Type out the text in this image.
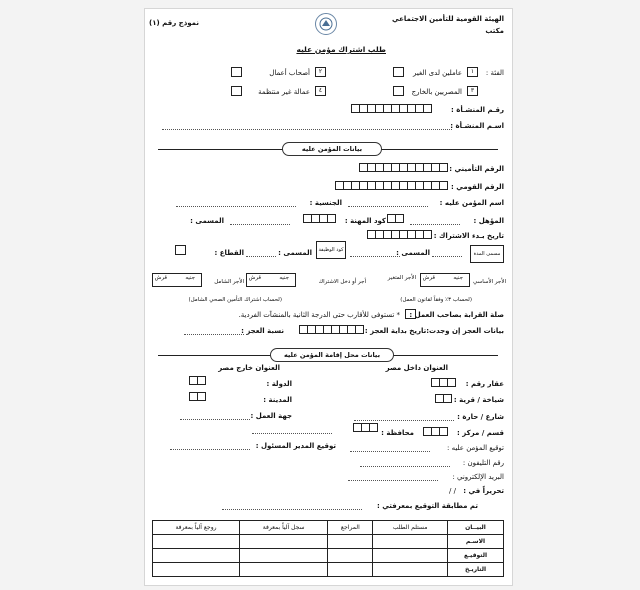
الهيئة القومية للتأمين الاجتماعي
مكتب
نموذج رقم (١)
طلب اشتراك مؤمن عليه
الفئة :
١
عاملين لدى الغير
٢
أصحاب أعمال
٣
المصريين بالخارج
٤
عمالة غير منتظمة
رقـم المنشـأة :
اسـم المنشـأة :
بيانات المؤمن عليه
الرقم التأميني :
الرقم القومي :
اسم المؤمن عليه :
الجنسية :
المؤهل :
كود المهنة :
المسمى :
تاريخ بـدء الاشتراك :
مسمى المدة
المسمى :
كود الوظيفة
المسمى :
القطاع :
الأجر الأساسي
جنيه
قرش
الأجر المتغير
أجر أو دخل الاشتراك
جنيه
قرش
الأجر الشامل
جنيه
قرش
(لحساب ٣٪ وفقاً لقانون العمل)
(لحساب اشتراك التأمين الصحي الشامل)
صلة القرابة بصاحب العمل :
* تستوفى للأقارب حتى الدرجة الثانية بالمنشآت الفردية.
بيانات العجز إن وجدت:تاريخ بداية العجز :
نسبة العجز :
بيانات محل إقامة المؤمن عليه
العنوان داخل مصر
العنوان خارج مصر
عقار رقم :
الدولة :
شياخة / قرية :
المدينة :
شارع / حارة :
جهة العمل :
قسم / مركز :
محافظة :
توقيع المؤمن عليه :
توقيع المدير المسئول :
رقم التليفون :
البريد الإلكتروني :
تحريراً في :
/ /
تم مطابقة التوقيع بمعرفتي :
البيــان	مستلم الطلب	المراجع	سجل آلياً بمعرفة	روجع آلياً بمعرفة
الاسـم				
التوقيـع				
التاريـخ				
